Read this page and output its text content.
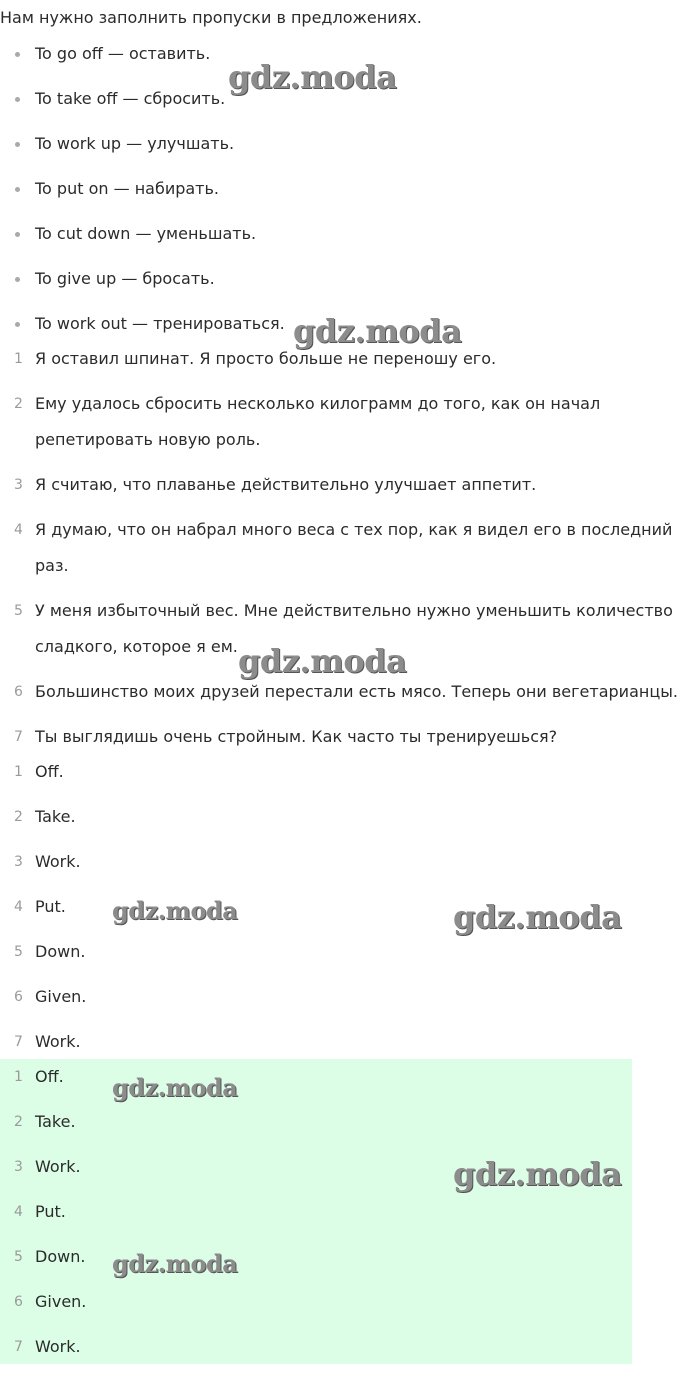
Нам нужно заполнить пропуски в предложениях.
To go off — оставить.
To take off — сбросить.
To work up — улучшать.
To put on — набирать.
To cut down — уменьшать.
To give up — бросать.
To work out — тренироваться.
1 Я оставил шпинат. Я просто больше не переношу его.
2 Ему удалось сбросить несколько килограмм до того, как он начал репетировать новую роль.
3 Я считаю, что плаванье действительно улучшает аппетит.
4 Я думаю, что он набрал много веса с тех пор, как я видел его в последний раз.
5 У меня избыточный вес. Мне действительно нужно уменьшить количество сладкого, которое я ем.
6 Большинство моих друзей перестали есть мясо. Теперь они вегетарианцы.
7 Ты выглядишь очень стройным. Как часто ты тренируешься?
1 Off.
2 Take.
3 Work.
4 Put.
5 Down.
6 Given.
7 Work.
1 Off.
2 Take.
3 Work.
4 Put.
5 Down.
6 Given.
7 Work.
gdz.moda
gdz.moda
gdz.moda
gdz.moda	gdz.moda
gdz.moda
gdz.moda
gdz.moda
